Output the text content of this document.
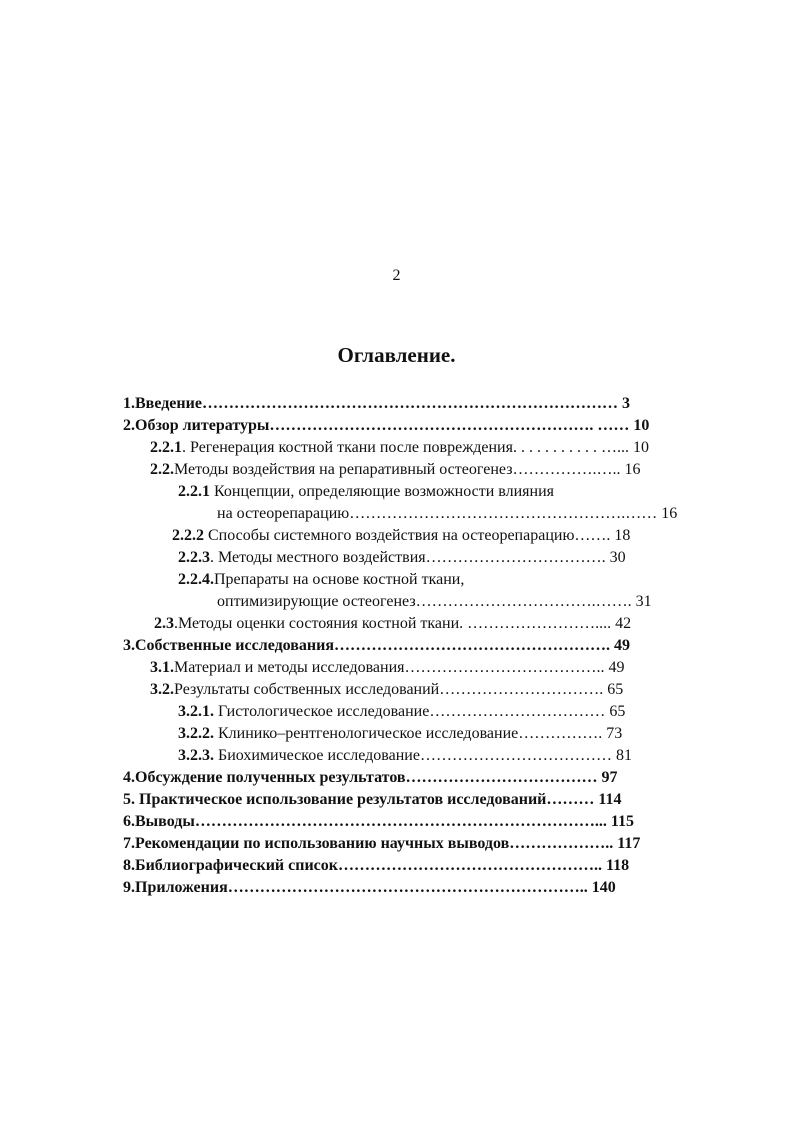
2
Оглавление.
1.Введение…………………………………………………………………… 3
2.Обзор литературы……………………………………………………. …… 10
2.2.1. Регенерация костной ткани после повреждения. . . . . . . . . . . …... 10
2.2.Методы воздействия на репаративный остеогенез…………….….. 16
2.2.1 Концепции, определяющие возможности влияния
на остеорепарацию…………………………………………….…… 16
2.2.2 Способы системного воздействия на остеорепарацию……. 18
2.2.3. Методы местного воздействия……………………………. 30
2.2.4.Препараты на основе костной ткани,
оптимизирующие остеогенез…………………………….……. 31
2.3.Методы оценки состояния костной ткани. …………………….... 42
3.Собственные исследования……………………………………………. 49
3.1.Материал и методы исследования……………………………….. 49
3.2.Результаты собственных исследований…………………………. 65
3.2.1. Гистологическое исследование…………………………… 65
3.2.2. Клинико–рентгенологическое исследование……………. 73
3.2.3. Биохимическое исследование……………………………… 81
4.Обсуждение полученных результатов……………………………… 97
5. Практическое использование результатов исследований……… 114
6.Выводы…………………………………………………………………... 115
7.Рекомендации по использованию научных выводов……………….. 117
8.Библиографический список………………………………………….. 118
9.Приложения………………………………………………………….. 140
